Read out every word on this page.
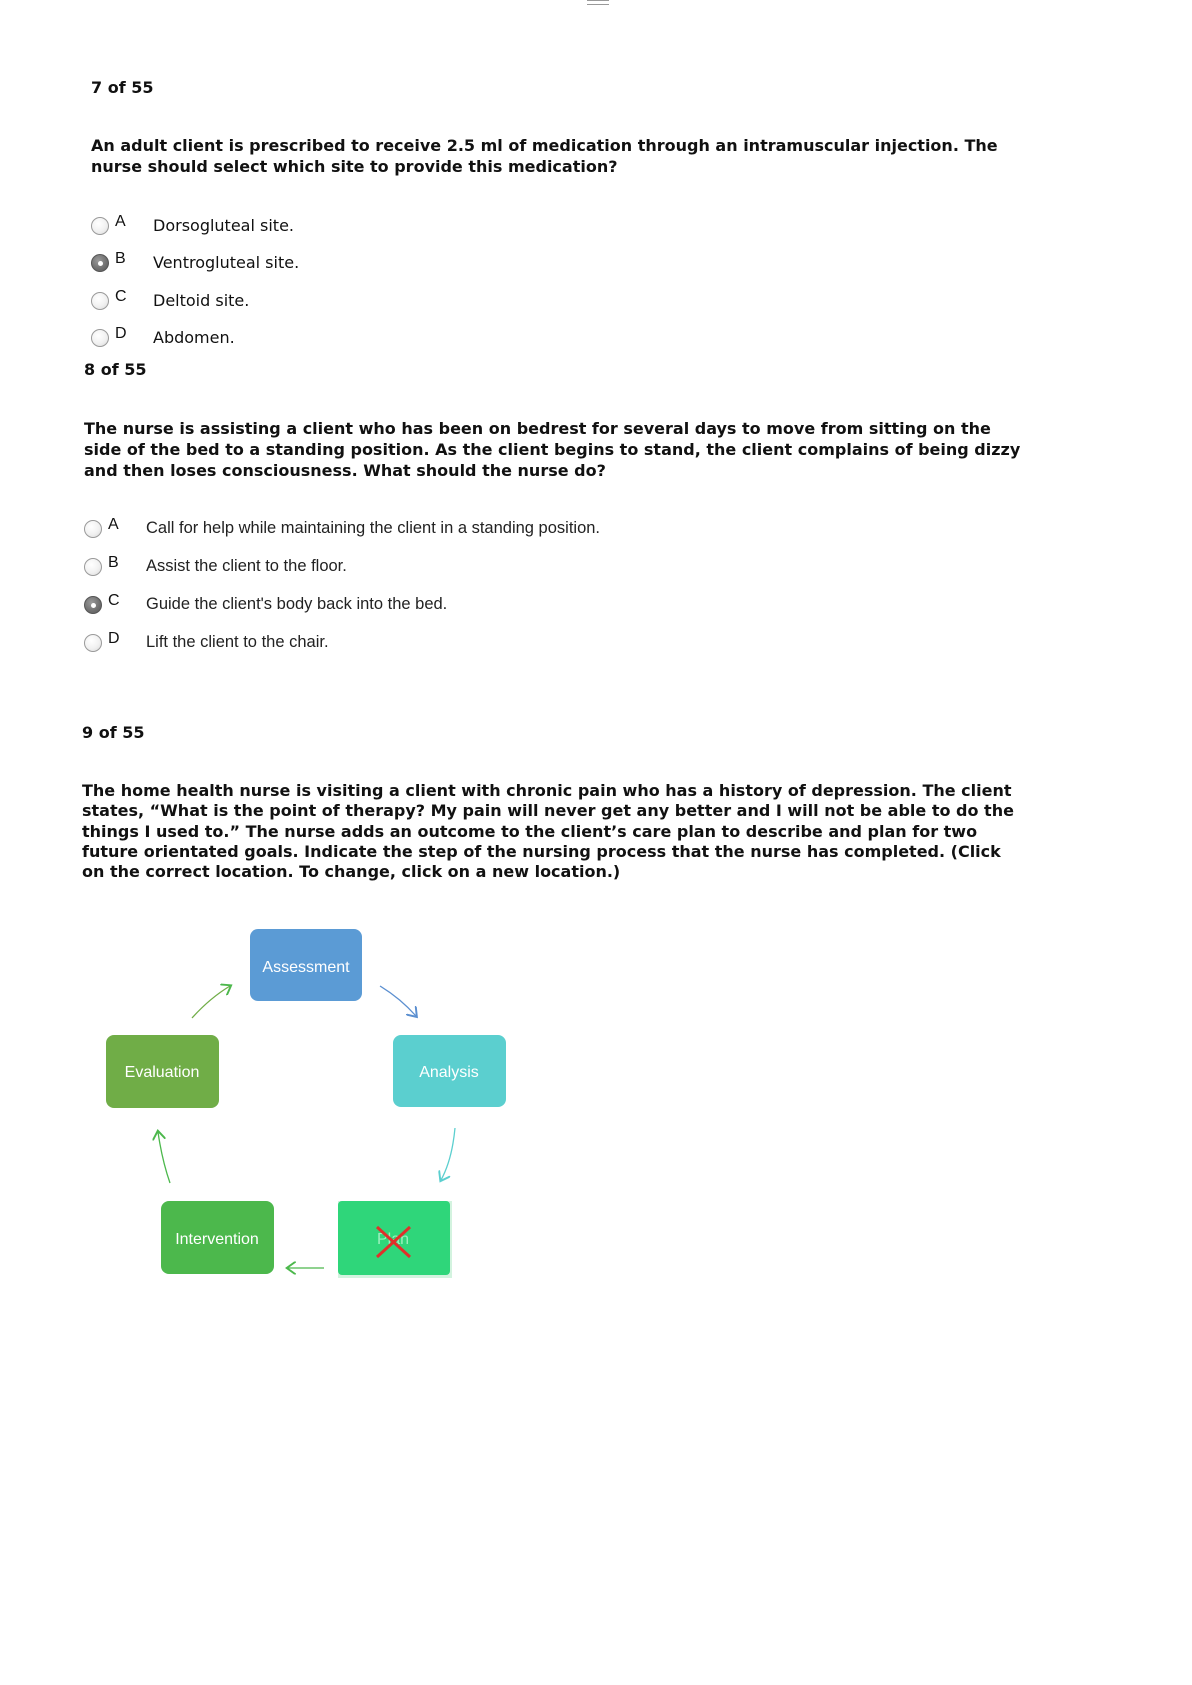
7 of 55
An adult client is prescribed to receive 2.5 ml of medication through an intramuscular injection. The
nurse should select which site to provide this medication?
A Dorsogluteal site.
B Ventrogluteal site.
C Deltoid site.
D Abdomen.
8 of 55
The nurse is assisting a client who has been on bedrest for several days to move from sitting on the
side of the bed to a standing position. As the client begins to stand, the client complains of being dizzy
and then loses consciousness. What should the nurse do?
A Call for help while maintaining the client in a standing position.
B Assist the client to the floor.
C Guide the client's body back into the bed.
D Lift the client to the chair.
9 of 55
The home health nurse is visiting a client with chronic pain who has a history of depression. The client
states, “What is the point of therapy? My pain will never get any better and I will not be able to do the
things I used to.” The nurse adds an outcome to the client’s care plan to describe and plan for two
future orientated goals. Indicate the step of the nursing process that the nurse has completed. (Click
on the correct location. To change, click on a new location.)
Assessment
Analysis
Plan
Intervention
Evaluation
